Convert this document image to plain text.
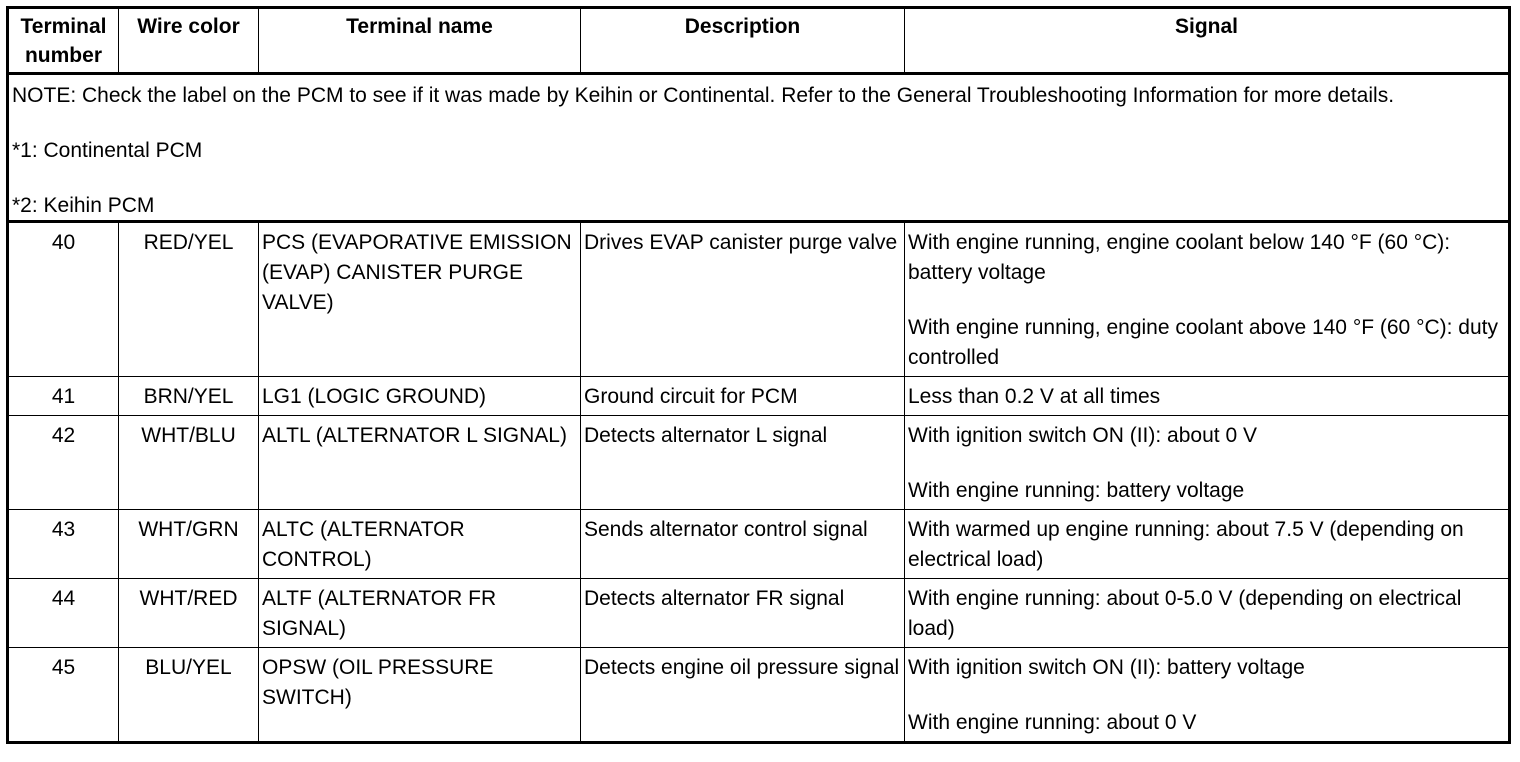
Terminal number	Wire color	Terminal name	Description	Signal

NOTE: Check the label on the PCM to see if it was made by Keihin or Continental. Refer to the General Troubleshooting Information for more details.

*1: Continental PCM

*2: Keihin PCM				

40	RED/YEL	PCS (EVAPORATIVE EMISSION (EVAP) CANISTER PURGE VALVE)	Drives EVAP canister purge valve	With engine running, engine coolant below 140 °F (60 °C): battery voltage
With engine running, engine coolant above 140 °F (60 °C): duty controlled

41	BRN/YEL	LG1 (LOGIC GROUND)	Ground circuit for PCM	Less than 0.2 V at all times

42	WHT/BLU	ALTL (ALTERNATOR L SIGNAL)	Detects alternator L signal	With ignition switch ON (II): about 0 V
With engine running: battery voltage

43	WHT/GRN	ALTC (ALTERNATOR CONTROL)	Sends alternator control signal	With warmed up engine running: about 7.5 V (depending on electrical load)

44	WHT/RED	ALTF (ALTERNATOR FR SIGNAL)	Detects alternator FR signal	With engine running: about 0-5.0 V (depending on electrical load)

45	BLU/YEL	OPSW (OIL PRESSURE SWITCH)	Detects engine oil pressure signal	With ignition switch ON (II): battery voltage
With engine running: about 0 V
